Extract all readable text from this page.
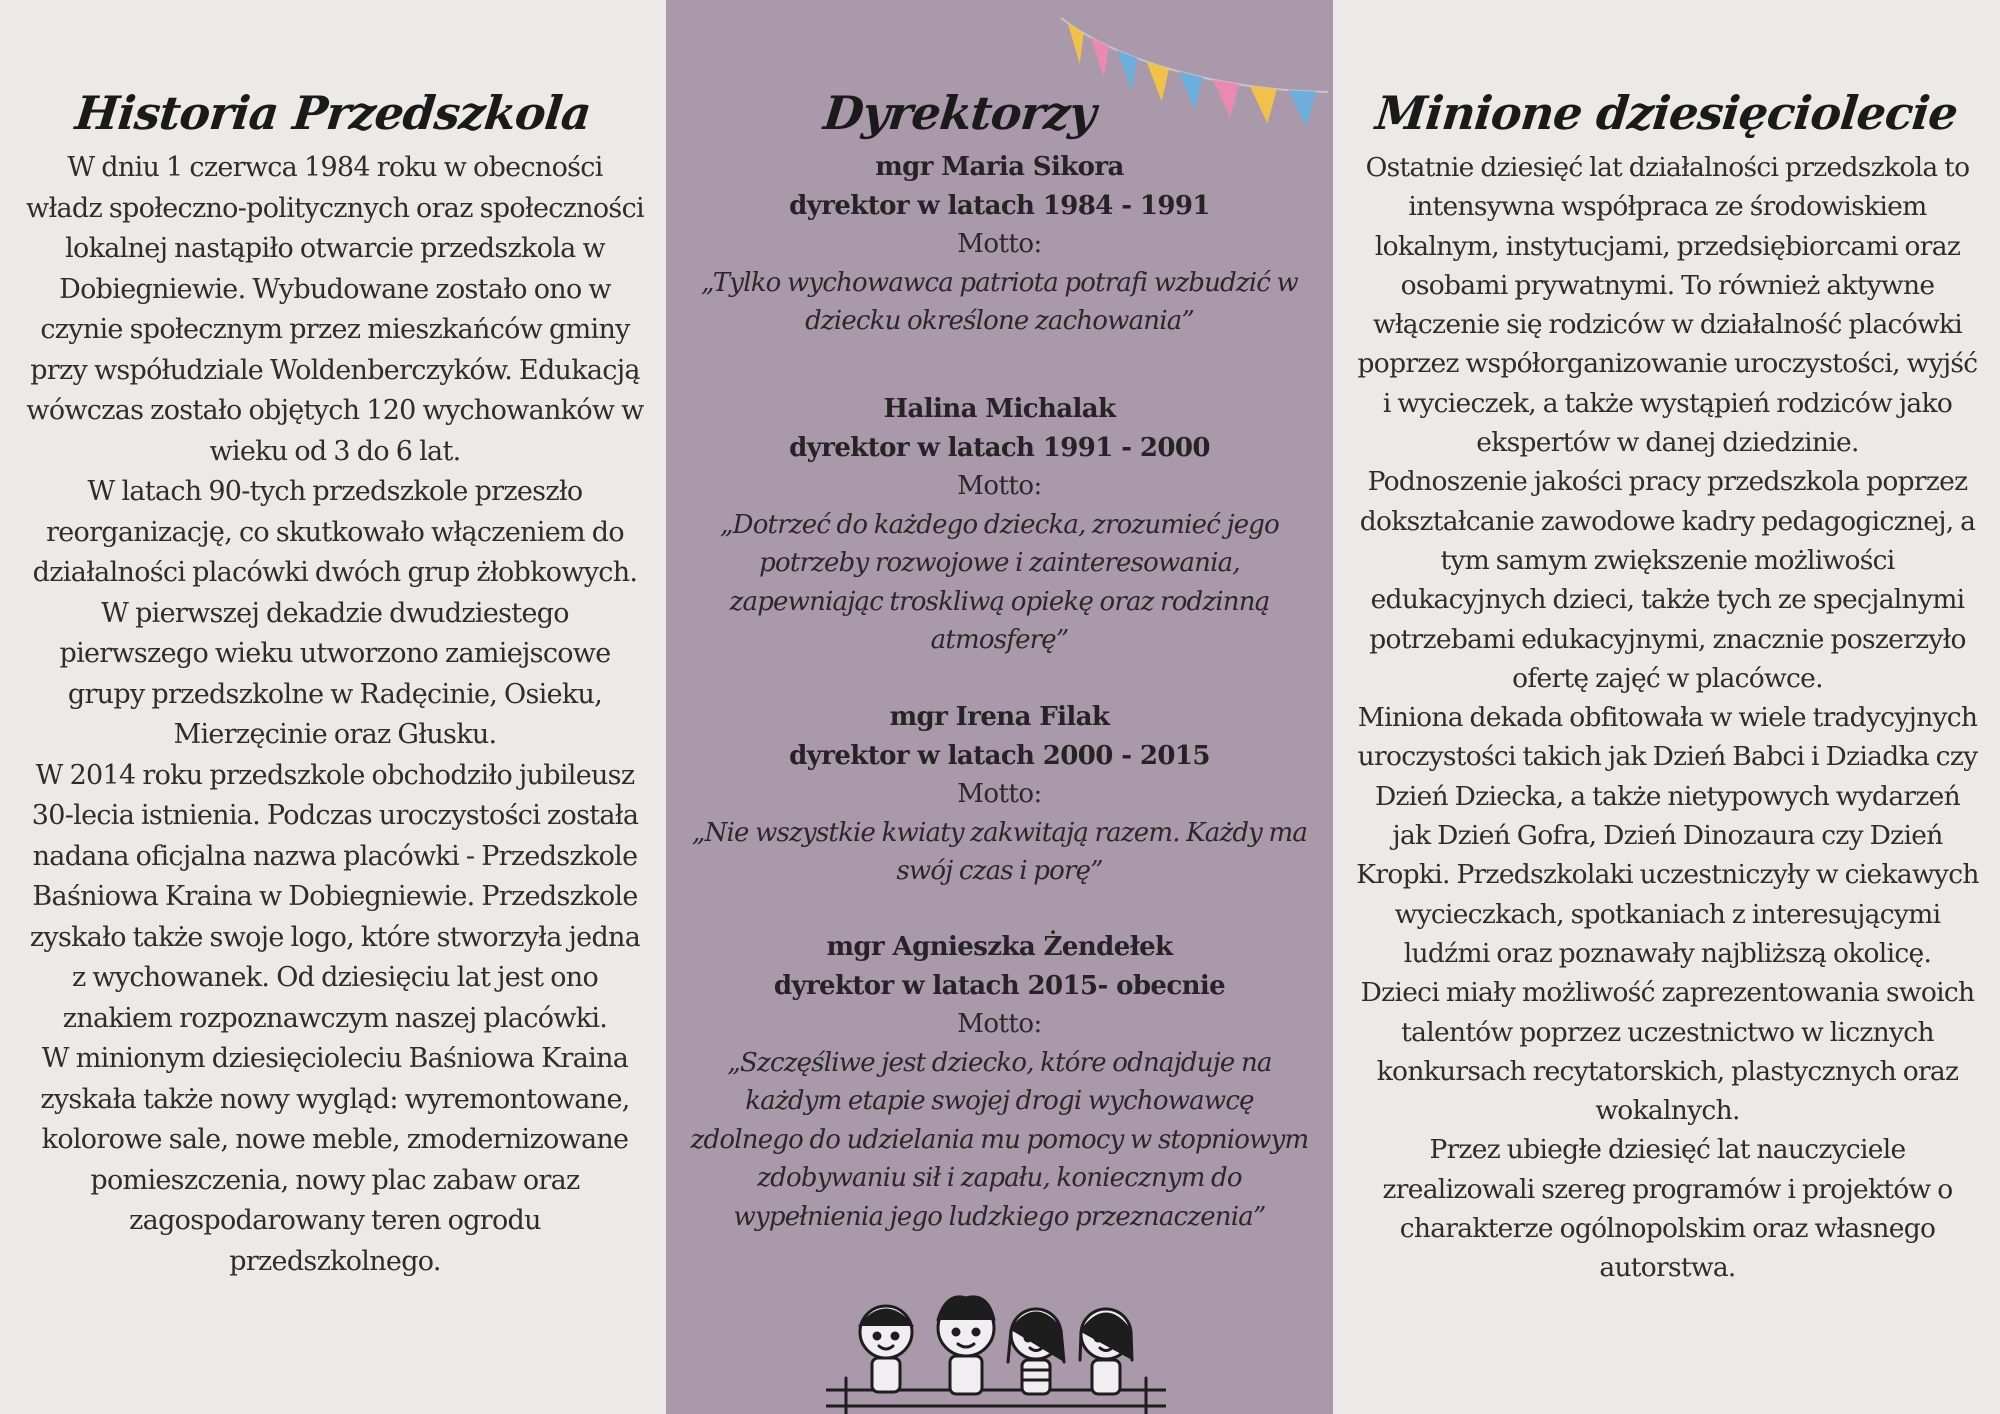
Historia Przedszkola

W dniu 1 czerwca 1984 roku w obecności władz społeczno-politycznych oraz społeczności lokalnej nastąpiło otwarcie przedszkola w Dobiegniewie. Wybudowane zostało ono w czynie społecznym przez mieszkańców gminy przy współudziale Woldenberczyków. Edukacją wówczas zostało objętych 120 wychowanków w wieku od 3 do 6 lat.

W latach 90-tych przedszkole przeszło reorganizację, co skutkowało włączeniem do działalności placówki dwóch grup żłobkowych. W pierwszej dekadzie dwudziestego pierwszego wieku utworzono zamiejscowe grupy przedszkolne w Radęcinie, Osieku, Mierzęcinie oraz Głusku.

W 2014 roku przedszkole obchodziło jubileusz 30-lecia istnienia. Podczas uroczystości została nadana oficjalna nazwa placówki - Przedszkole Baśniowa Kraina w Dobiegniewie. Przedszkole zyskało także swoje logo, które stworzyła jedna z wychowanek. Od dziesięciu lat jest ono znakiem rozpoznawczym naszej placówki.

W minionym dziesięcioleciu Baśniowa Kraina zyskała także nowy wygląd: wyremontowane, kolorowe sale, nowe meble, zmodernizowane pomieszczenia, nowy plac zabaw oraz zagospodarowany teren ogrodu przedszkolnego.

Dyrektorzy
mgr Maria Sikora
dyrektor w latach 1984 - 1991
Motto:
„Tylko wychowawca patriota potrafi wzbudzić w dziecku określone zachowania”
Halina Michalak
dyrektor w latach 1991 - 2000
Motto:
„Dotrzeć do każdego dziecka, zrozumieć jego potrzeby rozwojowe i zainteresowania, zapewniając troskliwą opiekę oraz rodzinną atmosferę”
mgr Irena Filak
dyrektor w latach 2000 - 2015
Motto:
„Nie wszystkie kwiaty zakwitają razem. Każdy ma swój czas i porę”
mgr Agnieszka Żendełek
dyrektor w latach 2015- obecnie
Motto:
„Szczęśliwe jest dziecko, które odnajduje na każdym etapie swojej drogi wychowawcę zdolnego do udzielania mu pomocy w stopniowym zdobywaniu sił i zapału, koniecznym do wypełnienia jego ludzkiego przeznaczenia”
Minione dziesięciolecie

Ostatnie dziesięć lat działalności przedszkola to intensywna współpraca ze środowiskiem lokalnym, instytucjami, przedsiębiorcami oraz osobami prywatnymi. To również aktywne włączenie się rodziców w działalność placówki poprzez współorganizowanie uroczystości, wyjść i wycieczek, a także wystąpień rodziców jako ekspertów w danej dziedzinie.

Podnoszenie jakości pracy przedszkola poprzez dokształcanie zawodowe kadry pedagogicznej, a tym samym zwiększenie możliwości edukacyjnych dzieci, także tych ze specjalnymi potrzebami edukacyjnymi, znacznie poszerzyło ofertę zajęć w placówce.

Miniona dekada obfitowała w wiele tradycyjnych uroczystości takich jak Dzień Babci i Dziadka czy Dzień Dziecka, a także nietypowych wydarzeń jak Dzień Gofra, Dzień Dinozaura czy Dzień Kropki. Przedszkolaki uczestniczyły w ciekawych wycieczkach, spotkaniach z interesującymi ludźmi oraz poznawały najbliższą okolicę.

Dzieci miały możliwość zaprezentowania swoich talentów poprzez uczestnictwo w licznych konkursach recytatorskich, plastycznych oraz wokalnych.

Przez ubiegłe dziesięć lat nauczyciele zrealizowali szereg programów i projektów o charakterze ogólnopolskim oraz własnego autorstwa.
